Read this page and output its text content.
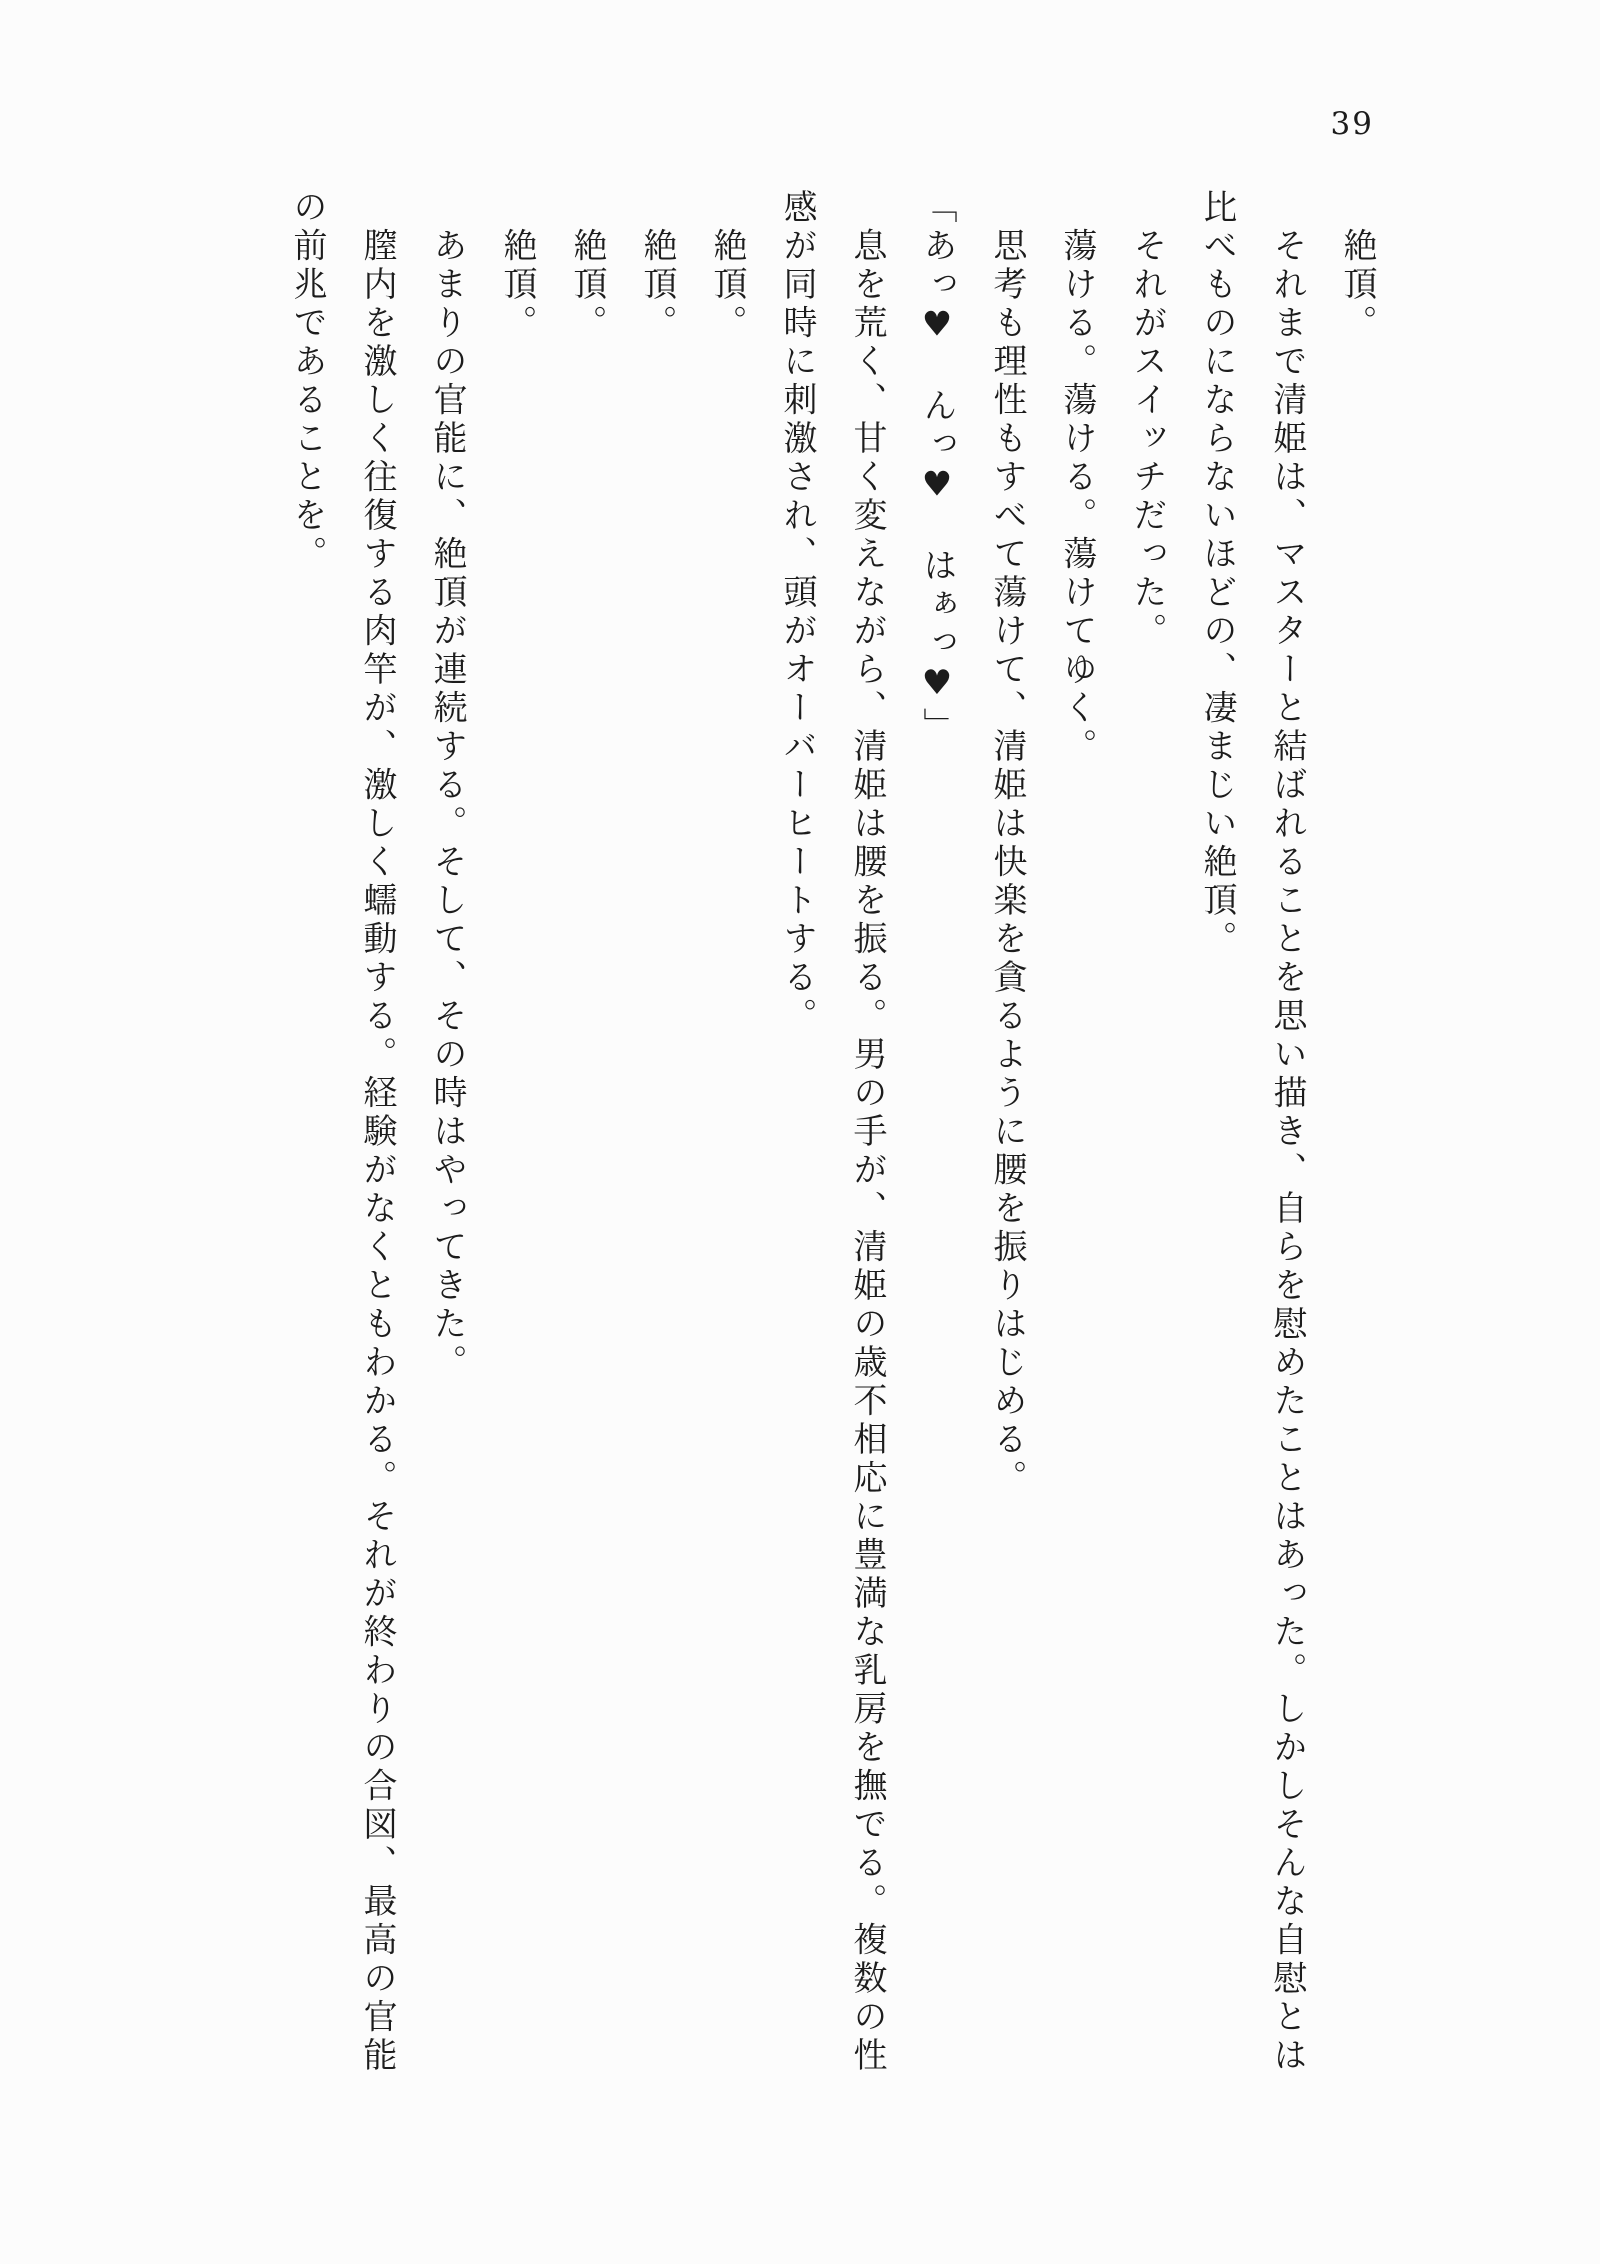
39

　絶頂。

　それまで清姫は、マスターと結ばれることを思い描き、自らを慰めたことはあった。しかしそんな自慰とは

比べものにならないほどの、凄まじい絶頂。

　それがスイッチだった。

　蕩ける。蕩ける。蕩けてゆく。

　思考も理性もすべて蕩けて、清姫は快楽を貪るように腰を振りはじめる。

「あっ♥　んっ♥　はぁっ♥」

　息を荒く、甘く変えながら、清姫は腰を振る。男の手が、清姫の歳不相応に豊満な乳房を撫でる。複数の性

感が同時に刺激され、頭がオーバーヒートする。

　絶頂。

　絶頂。

　絶頂。

　絶頂。

　あまりの官能に、絶頂が連続する。そして、その時はやってきた。

　膣内を激しく往復する肉竿が、激しく蠕動する。経験がなくともわかる。それが終わりの合図、最高の官能

の前兆であることを。
